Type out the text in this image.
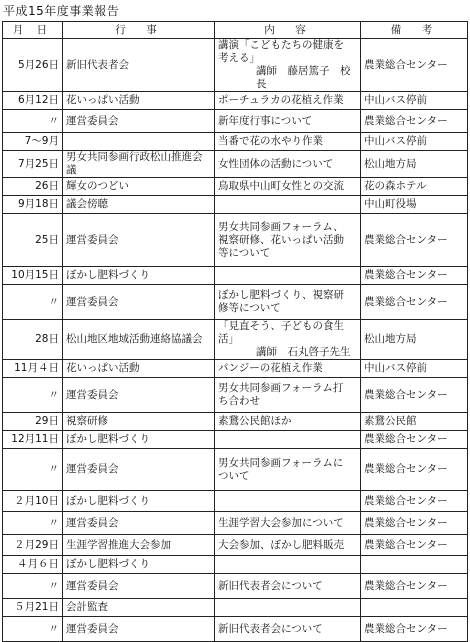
平成15年度事業報告
月 日	行　事	内　容	備　考
5月26日	新旧代表者会	講演「こどもたちの健康を
考える」
講師　藤居篤子　校長	農業総合センター
6月12日	花いっぱい活動	ポーチュラカの花植え作業	中山バス停前
〃	運営委員会	新年度行事について	農業総合センター
7～9月		当番で花の水やり作業	中山バス停前
7月25日	男女共同参画行政松山推進会議	女性団体の活動について	松山地方局
26日	輝女のつどい	鳥取県中山町女性との交流	花の森ホテル
9月18日	議会傍聴		中山町役場
25日	運営委員会	男女共同参画フォーラム、
視察研修、花いっぱい活動
等について	農業総合センター
10月15日	ぼかし肥料づくり		農業総合センター
〃	運営委員会	ぼかし肥料づくり、視察研
修等について	農業総合センター
28日	松山地区地域活動連絡協議会	「見直そう、子どもの食生活」
講師　石丸啓子先生	松山地方局
11月４日	花いっぱい活動	パンジーの花植え作業	中山バス停前
〃	運営委員会	男女共同参画フォーラム打
ち合わせ	農業総合センター
29日	視察研修	素鵞公民館ほか	素鵞公民館
12月11日	ぼかし肥料づくり		農業総合センター
〃	運営委員会	男女共同参画フォーラムに
ついて	農業総合センター
２月10日	ぼかし肥料づくり		農業総合センター
〃	運営委員会	生涯学習大会参加について	農業総合センター
２月29日	生涯学習推進大会参加	大会参加、ぼかし肥料販売	農業総合センター
４月６日	ぼかし肥料づくり	

〃	運営委員会	新旧代表者会について	農業総合センター
５月21日	会計監査	

〃	運営委員会	新旧代表者会について	農業総合センター
